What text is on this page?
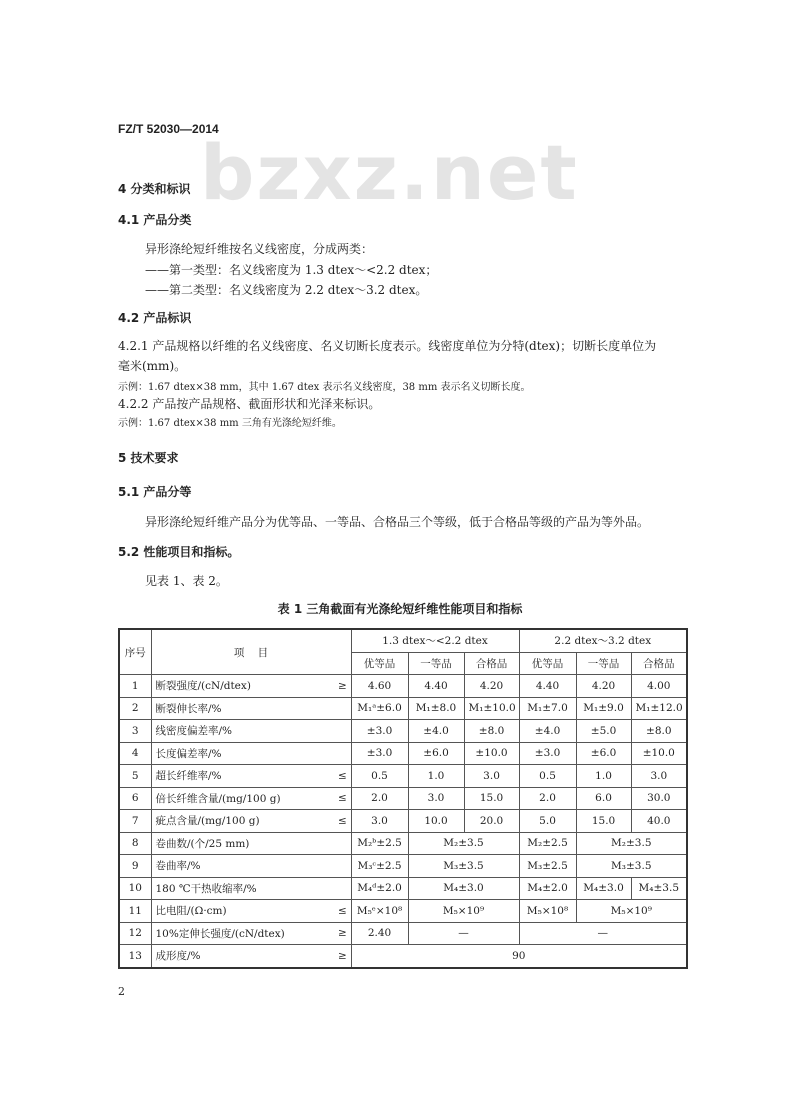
bzxz.net
FZ/T 52030—2014
4 分类和标识
4.1 产品分类
异形涤纶短纤维按名义线密度，分成两类：
——第一类型：名义线密度为 1.3 dtex～<2.2 dtex；
——第二类型：名义线密度为 2.2 dtex～3.2 dtex。
4.2 产品标识
4.2.1 产品规格以纤维的名义线密度、名义切断长度表示。线密度单位为分特(dtex)；切断长度单位为
毫米(mm)。
示例：1.67 dtex×38 mm，其中 1.67 dtex 表示名义线密度，38 mm 表示名义切断长度。
4.2.2 产品按产品规格、截面形状和光泽来标识。
示例：1.67 dtex×38 mm 三角有光涤纶短纤维。
5 技术要求
5.1 产品分等
异形涤纶短纤维产品分为优等品、一等品、合格品三个等级，低于合格品等级的产品为等外品。
5.2 性能项目和指标。
见表 1、表 2。
表 1 三角截面有光涤纶短纤维性能项目和指标
序号	项    目		1.3 dtex～<2.2 dtex			2.2 dtex～3.2 dtex		
			优等品	一等品	合格品	优等品	一等品	合格品
1	断裂强度/(cN/dtex)	≥	4.60	4.40	4.20	4.40	4.20	4.00
2	断裂伸长率/%		M₁ᵃ±6.0	M₁±8.0	M₁±10.0	M₁±7.0	M₁±9.0	M₁±12.0
3	线密度偏差率/%		±3.0	±4.0	±8.0	±4.0	±5.0	±8.0
4	长度偏差率/%		±3.0	±6.0	±10.0	±3.0	±6.0	±10.0
5	超长纤维率/%	≤	0.5	1.0	3.0	0.5	1.0	3.0
6	倍长纤维含量/(mg/100 g)	≤	2.0	3.0	15.0	2.0	6.0	30.0
7	疵点含量/(mg/100 g)	≤	3.0	10.0	20.0	5.0	15.0	40.0
8	卷曲数/(个/25 mm)		M₂ᵇ±2.5	M₂±3.5		M₂±2.5	M₂±3.5	
9	卷曲率/%		M₃ᶜ±2.5	M₃±3.5		M₃±2.5	M₃±3.5	
10	180 ℃干热收缩率/%		M₄ᵈ±2.0	M₄±3.0		M₄±2.0	M₄±3.0	M₄±3.5
11	比电阻/(Ω·cm)	≤	M₅ᵉ×10⁸	M₅×10⁹		M₅×10⁸	M₅×10⁹	
12	10%定伸长强度/(cN/dtex)	≥	2.40	—		—		
13	成形度/%	≥	90					
2
